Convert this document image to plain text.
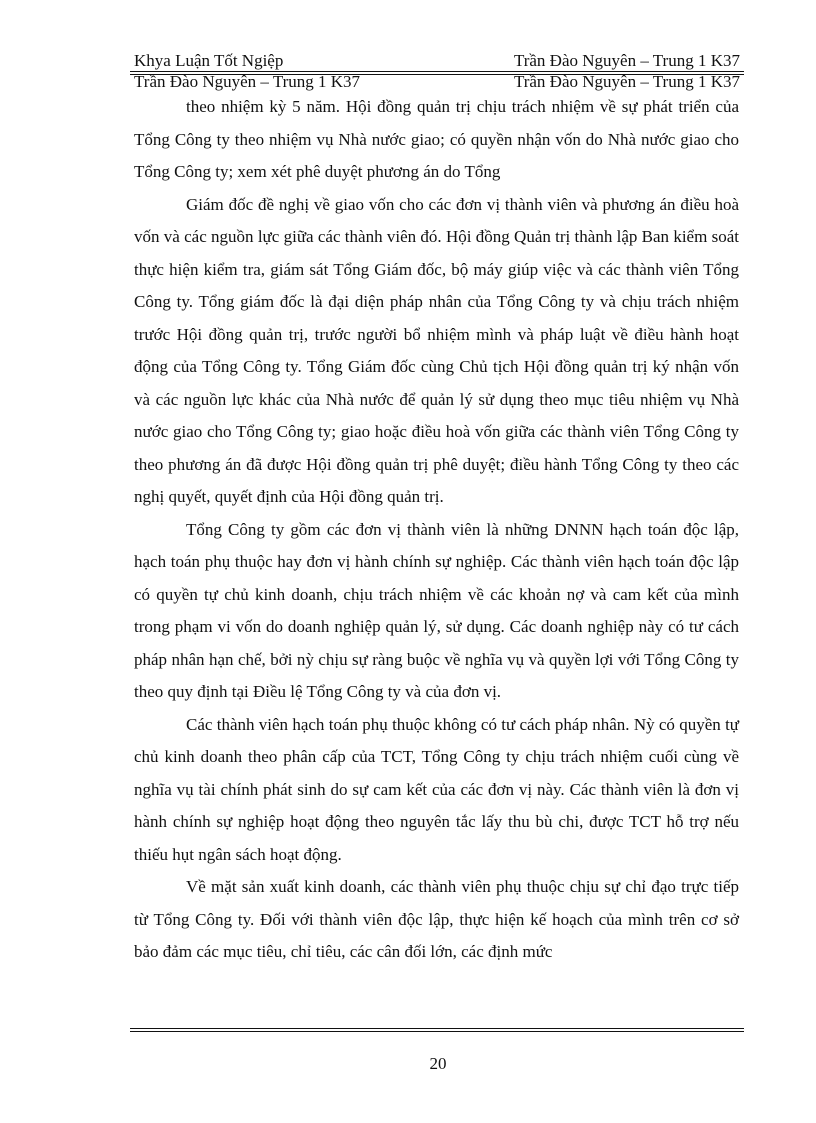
Khya Luận Tốt Ngiệp	Trần Đào Nguyên – Trung 1 K37
Trần Đào Nguyên – Trung 1 K37	Trần Đào Nguyên – Trung 1 K37

theo nhiệm kỳ 5 năm. Hội đồng quản trị chịu trách nhiệm về sự phát triển của Tổng Công ty theo nhiệm vụ Nhà nước giao; có quyền nhận vốn do Nhà nước giao cho Tổng Công ty; xem xét phê duyệt phương án do Tổng

Giám đốc đề nghị về giao vốn cho các đơn vị thành viên và phương án điều hoà vốn và các nguồn lực giữa các thành viên đó. Hội đồng Quản trị thành lập Ban kiểm soát thực hiện kiểm tra, giám sát Tổng Giám đốc, bộ máy giúp việc và các thành viên Tổng Công ty. Tổng giám đốc là đại diện pháp nhân của Tổng Công ty và chịu trách nhiệm trước Hội đồng quản trị, trước người bổ nhiệm mình và pháp luật về điều hành hoạt động của Tổng Công ty. Tổng Giám đốc cùng Chủ tịch Hội đồng quản trị ký nhận vốn và các nguồn lực khác của Nhà nước để quản lý sử dụng theo mục tiêu nhiệm vụ Nhà nước giao cho Tổng Công ty; giao hoặc điều hoà vốn giữa các thành viên Tổng Công ty theo phương án đã được Hội đồng quản trị phê duyệt; điều hành Tổng Công ty theo các nghị quyết, quyết định của Hội đồng quản trị.

Tổng Công ty gồm các đơn vị thành viên là những DNNN hạch toán độc lập, hạch toán phụ thuộc hay đơn vị hành chính sự nghiệp. Các thành viên hạch toán độc lập có quyền tự chủ kinh doanh, chịu trách nhiệm về các khoản nợ và cam kết của mình trong phạm vi vốn do doanh nghiệp quản lý, sử dụng. Các doanh nghiệp này có tư cách pháp nhân hạn chế, bởi nỳ chịu sự ràng buộc về nghĩa vụ và quyền lợi với Tổng Công ty theo quy định tại Điều lệ Tổng Công ty và của đơn vị.

Các thành viên hạch toán phụ thuộc không có tư cách pháp nhân. Nỳ có quyền tự chủ kinh doanh theo phân cấp của TCT, Tổng Công ty chịu trách nhiệm cuối cùng về nghĩa vụ tài chính phát sinh do sự cam kết của các đơn vị này. Các thành viên là đơn vị hành chính sự nghiệp hoạt động theo nguyên tắc lấy thu bù chi, được TCT hỗ trợ nếu thiếu hụt ngân sách hoạt động.

Về mặt sản xuất kinh doanh, các thành viên phụ thuộc chịu sự chỉ đạo trực tiếp từ Tổng Công ty. Đối với thành viên độc lập, thực hiện kế hoạch của mình trên cơ sở bảo đảm các mục tiêu, chỉ tiêu, các cân đối lớn, các định mức

20
